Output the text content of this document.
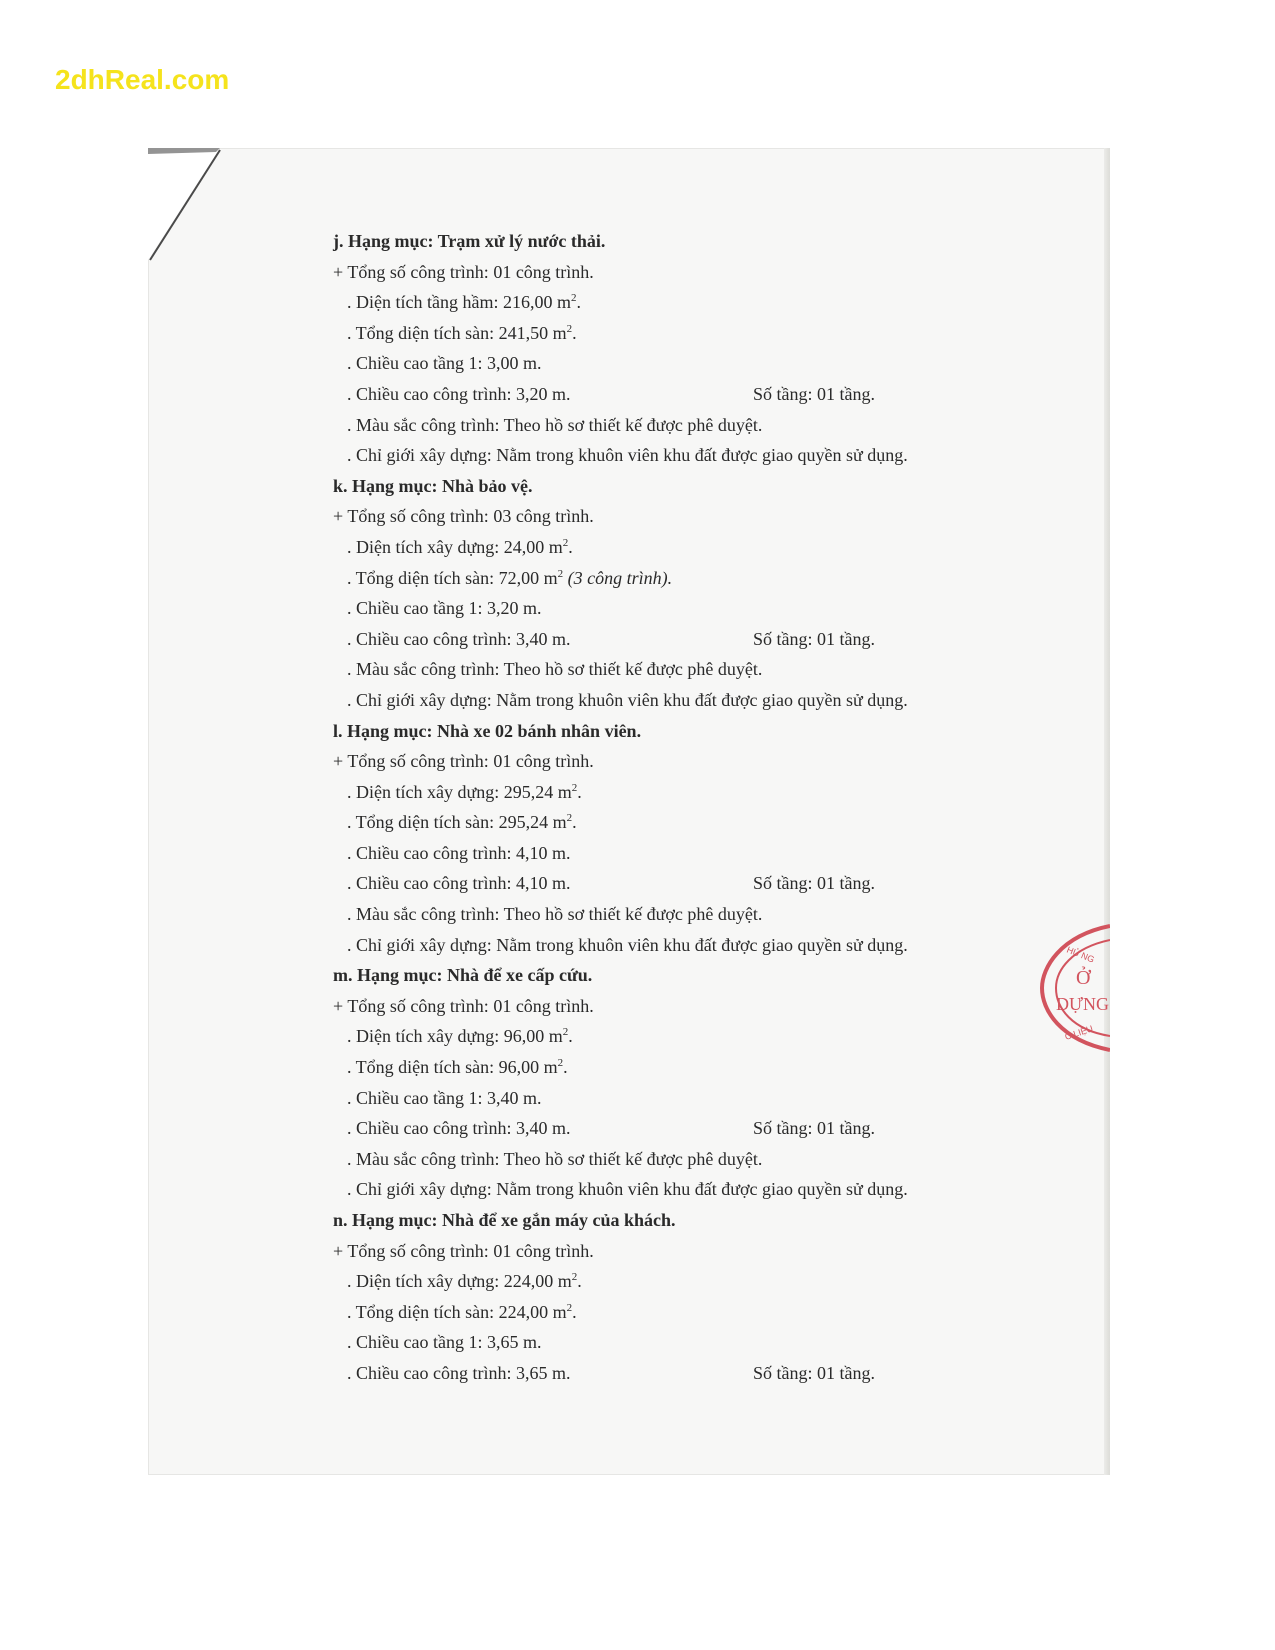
2dhReal.com
j. Hạng mục: Trạm xử lý nước thải.
+ Tổng số công trình: 01 công trình.
. Diện tích tầng hầm: 216,00 $m^2$.
. Tổng diện tích sàn: 241,50 $m^2$.
. Chiều cao tầng 1: 3,00 m.
. Chiều cao công trình: 3,20 m.	Số tầng: 01 tầng.
. Màu sắc công trình: Theo hồ sơ thiết kế được phê duyệt.
. Chỉ giới xây dựng: Nằm trong khuôn viên khu đất được giao quyền sử dụng.
k. Hạng mục: Nhà bảo vệ.
+ Tổng số công trình: 03 công trình.
. Diện tích xây dựng: 24,00 $m^2$.
. Tổng diện tích sàn: 72,00 $m^2$ (3 công trình).
. Chiều cao tầng 1: 3,20 m.
. Chiều cao công trình: 3,40 m.	Số tầng: 01 tầng.
. Màu sắc công trình: Theo hồ sơ thiết kế được phê duyệt.
. Chỉ giới xây dựng: Nằm trong khuôn viên khu đất được giao quyền sử dụng.
l. Hạng mục: Nhà xe 02 bánh nhân viên.
+ Tổng số công trình: 01 công trình.
. Diện tích xây dựng: 295,24 $m^2$.
. Tổng diện tích sàn: 295,24 $m^2$.
. Chiều cao công trình: 4,10 m.
. Chiều cao công trình: 4,10 m.	Số tầng: 01 tầng.
. Màu sắc công trình: Theo hồ sơ thiết kế được phê duyệt.
. Chỉ giới xây dựng: Nằm trong khuôn viên khu đất được giao quyền sử dụng.
m. Hạng mục: Nhà để xe cấp cứu.
+ Tổng số công trình: 01 công trình.
. Diện tích xây dựng: 96,00 $m^2$.
. Tổng diện tích sàn: 96,00 $m^2$.
. Chiều cao tầng 1: 3,40 m.
. Chiều cao công trình: 3,40 m.	Số tầng: 01 tầng.
. Màu sắc công trình: Theo hồ sơ thiết kế được phê duyệt.
. Chỉ giới xây dựng: Nằm trong khuôn viên khu đất được giao quyền sử dụng.
n. Hạng mục: Nhà để xe gắn máy của khách.
+ Tổng số công trình: 01 công trình.
. Diện tích xây dựng: 224,00 $m^2$.
. Tổng diện tích sàn: 224,00 $m^2$.
. Chiều cao tầng 1: 3,65 m.
. Chiều cao công trình: 3,65 m.	Số tầng: 01 tầng.
HỦ NG
Ở
DỰNG
C LIỆU
